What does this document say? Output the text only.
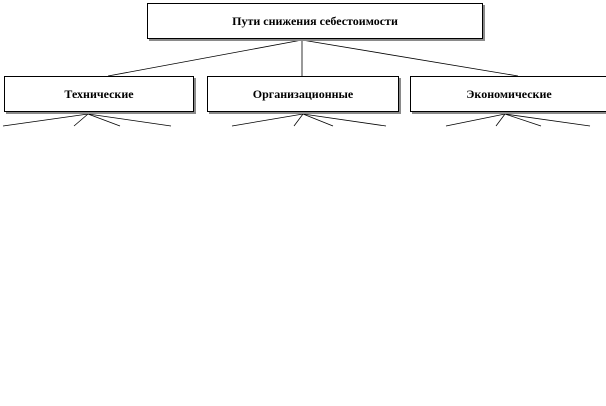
Пути снижения себестоимости
Технические	Организационные	Экономические
